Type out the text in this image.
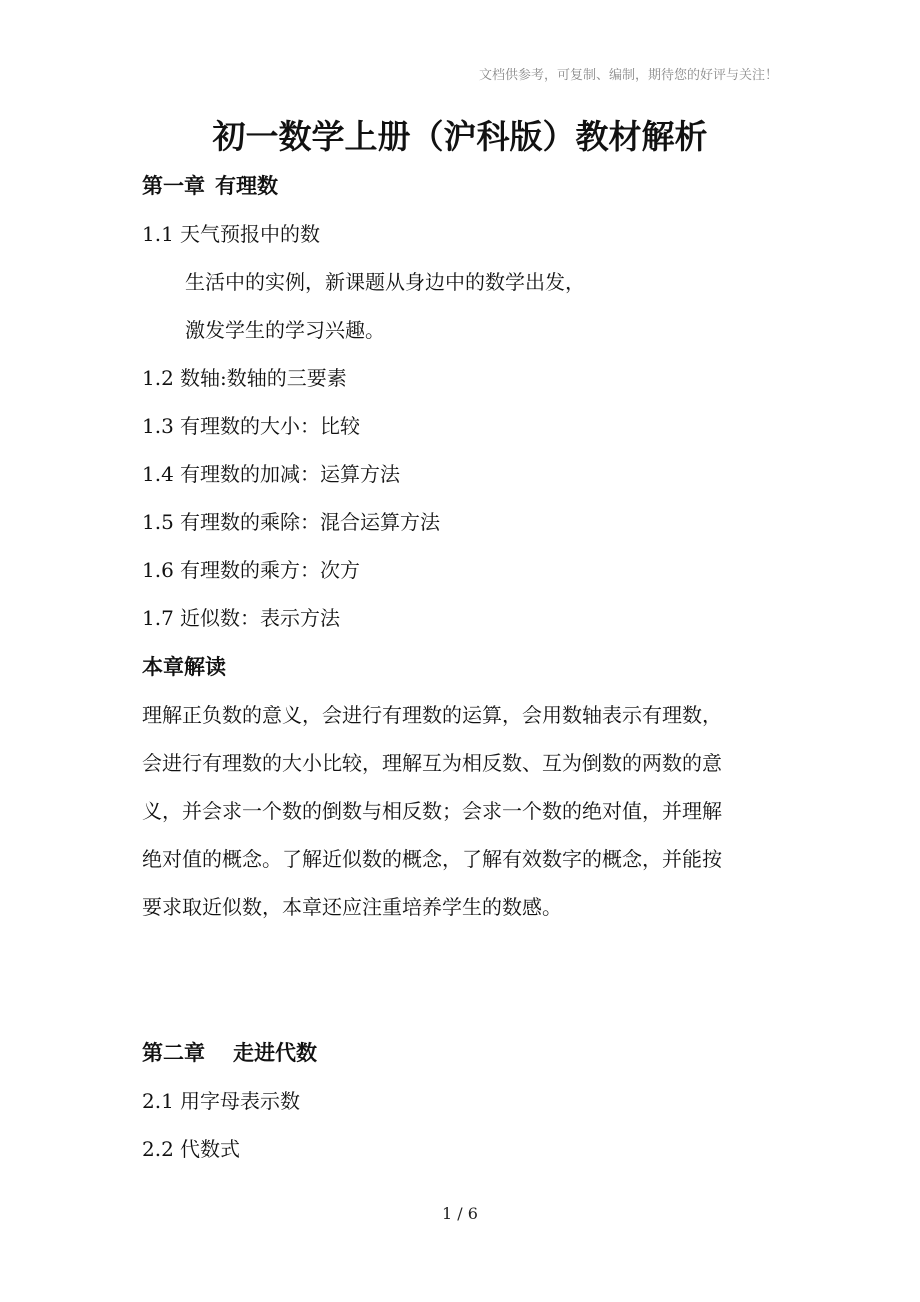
文档供参考，可复制、编制，期待您的好评与关注！
初一数学上册（沪科版）教材解析
第一章 有理数
1.1 天气预报中的数
生活中的实例，新课题从身边中的数学出发，
激发学生的学习兴趣。
1.2 数轴:数轴的三要素
1.3 有理数的大小：比较
1.4 有理数的加减：运算方法
1.5 有理数的乘除：混合运算方法
1.6 有理数的乘方：次方
1.7 近似数：表示方法
本章解读
理解正负数的意义，会进行有理数的运算，会用数轴表示有理数，
会进行有理数的大小比较，理解互为相反数、互为倒数的两数的意
义，并会求一个数的倒数与相反数；会求一个数的绝对值，并理解
绝对值的概念。了解近似数的概念，了解有效数字的概念，并能按
要求取近似数，本章还应注重培养学生的数感。
第二章 走进代数
2.1 用字母表示数
2.2 代数式
1 / 6
